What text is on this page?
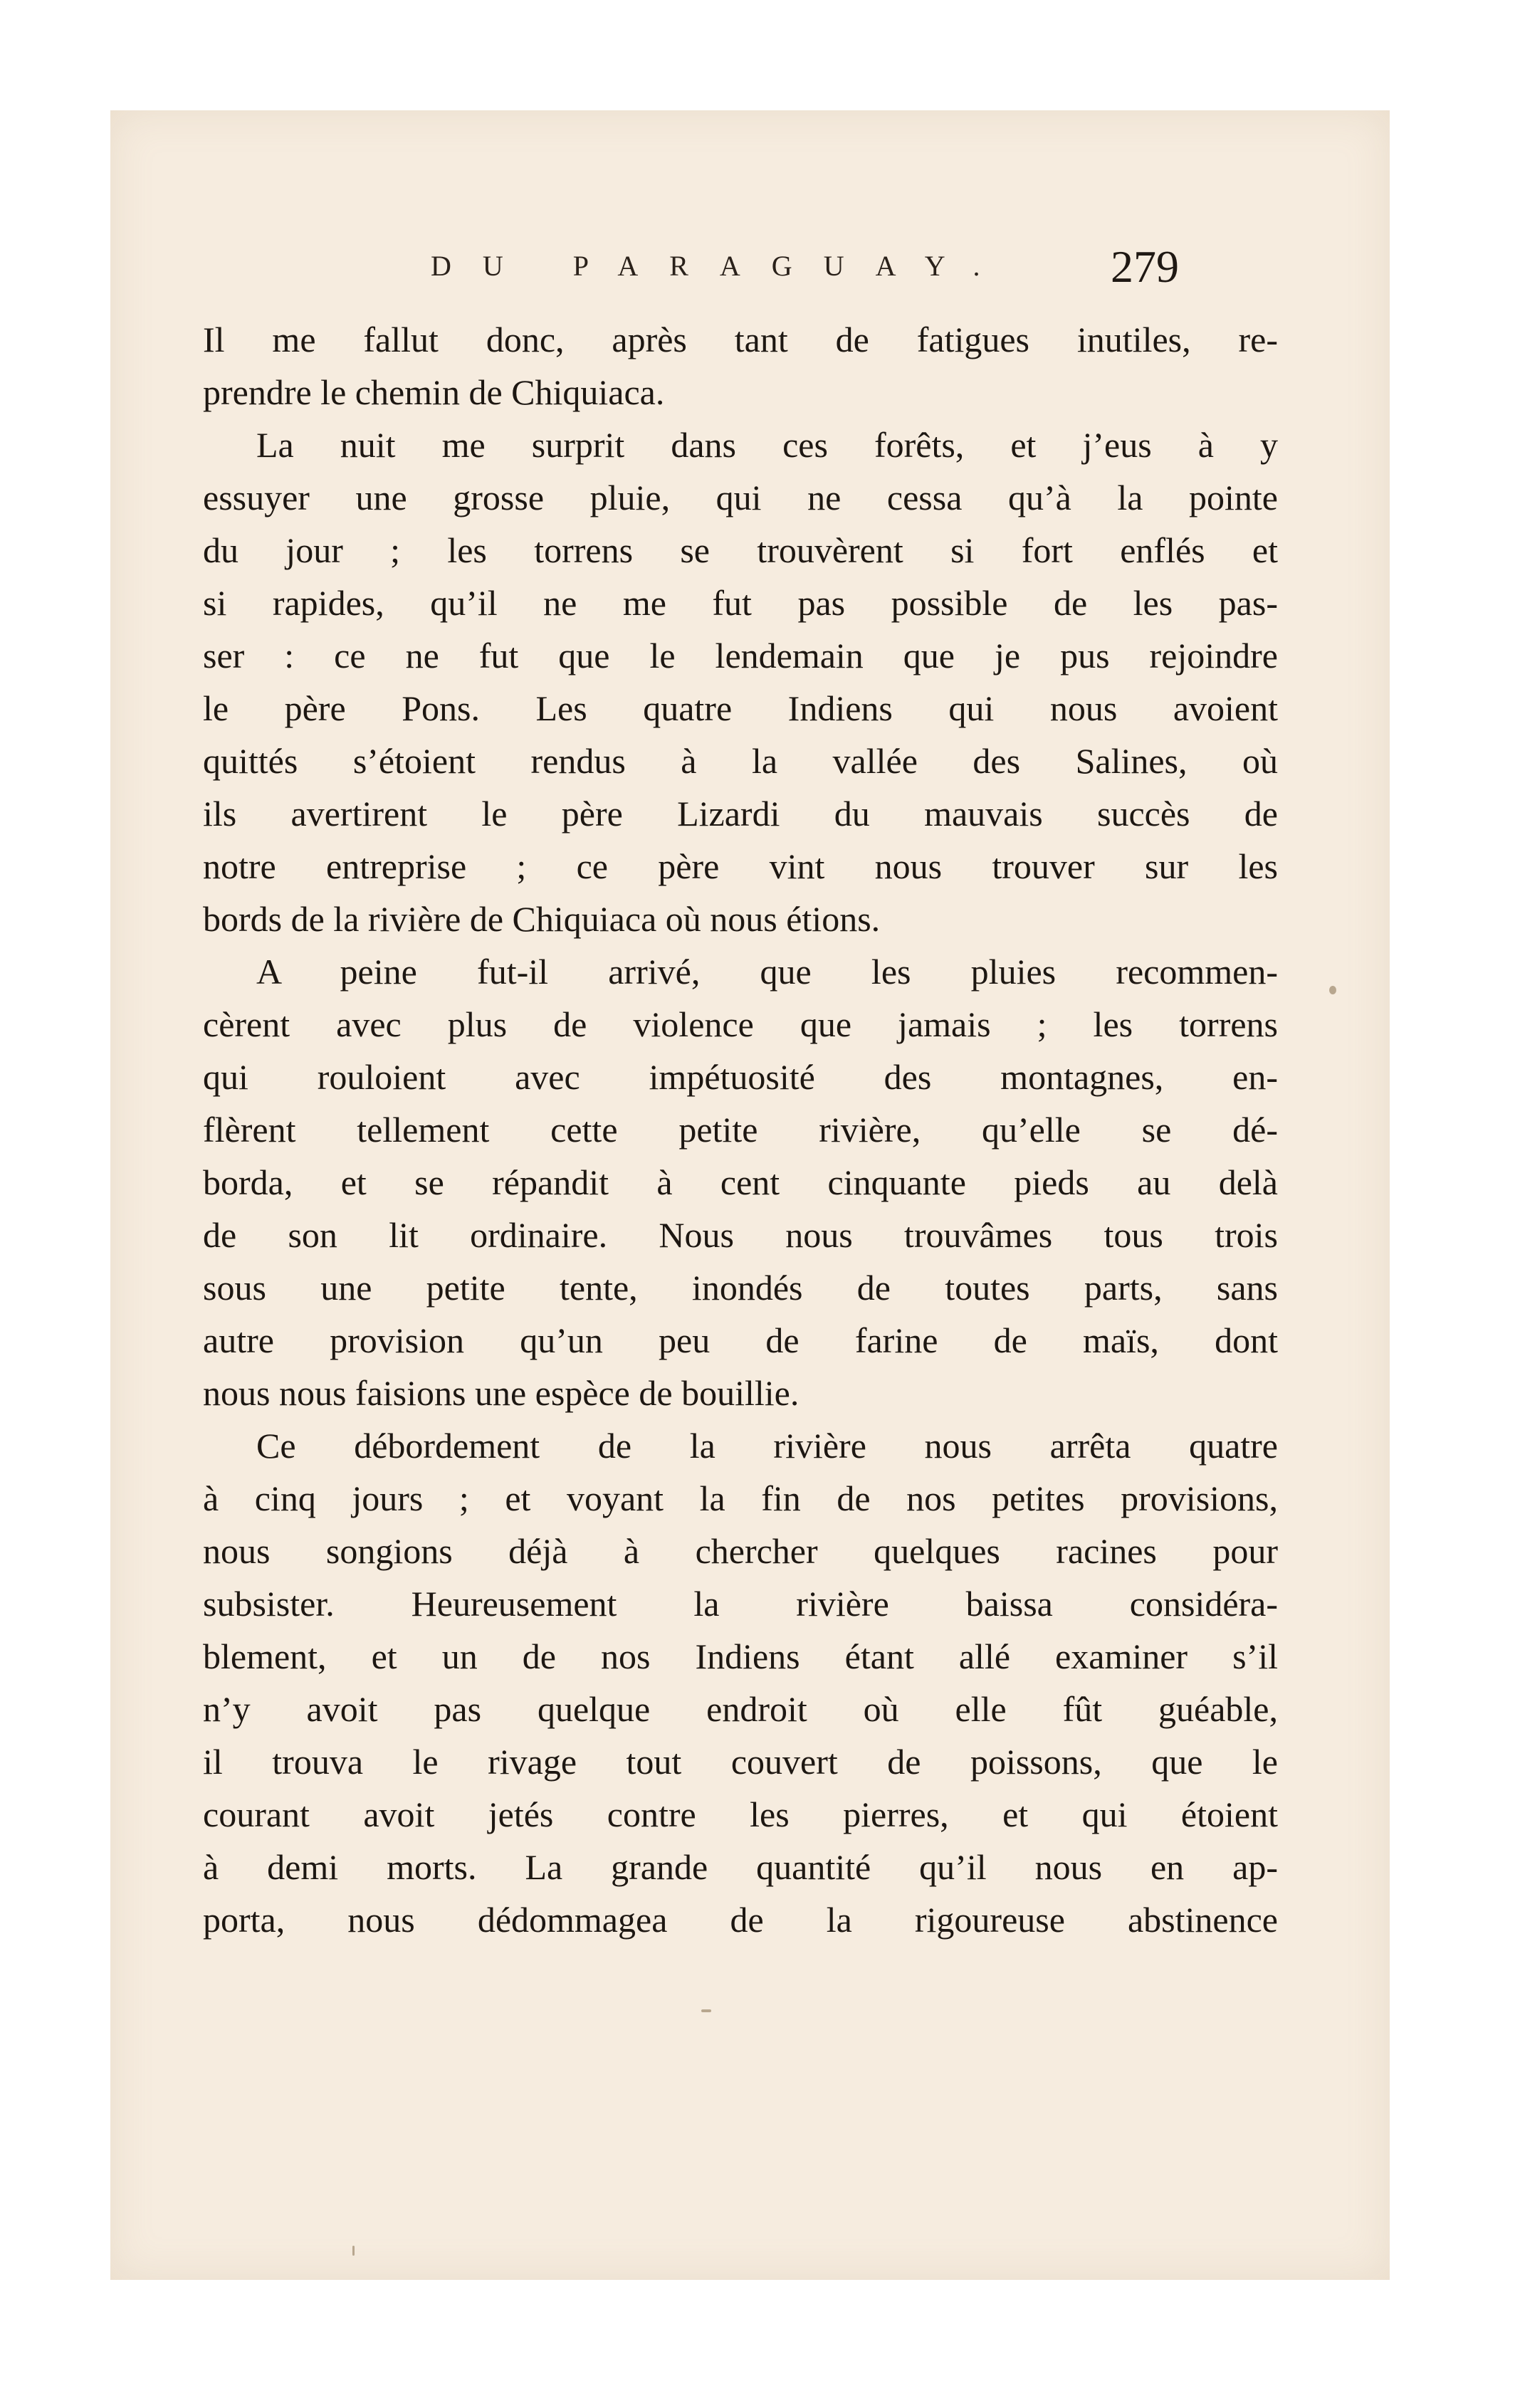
DU PARAGUAY. 279
Il me fallut donc, après tant de fatigues inutiles, re-
prendre le chemin de Chiquiaca.
La nuit me surprit dans ces forêts, et j’eus à y
essuyer une grosse pluie, qui ne cessa qu’à la pointe
du jour ; les torrens se trouvèrent si fort enflés et
si rapides, qu’il ne me fut pas possible de les pas-
ser : ce ne fut que le lendemain que je pus rejoindre
le père Pons. Les quatre Indiens qui nous avoient
quittés s’étoient rendus à la vallée des Salines, où
ils avertirent le père Lizardi du mauvais succès de
notre entreprise ; ce père vint nous trouver sur les
bords de la rivière de Chiquiaca où nous étions.
A peine fut-il arrivé, que les pluies recommen-
cèrent avec plus de violence que jamais ; les torrens
qui rouloient avec impétuosité des montagnes, en-
flèrent tellement cette petite rivière, qu’elle se dé-
borda, et se répandit à cent cinquante pieds au delà
de son lit ordinaire. Nous nous trouvâmes tous trois
sous une petite tente, inondés de toutes parts, sans
autre provision qu’un peu de farine de maïs, dont
nous nous faisions une espèce de bouillie.
Ce débordement de la rivière nous arrêta quatre
à cinq jours ; et voyant la fin de nos petites provisions,
nous songions déjà à chercher quelques racines pour
subsister. Heureusement la rivière baissa considéra-
blement, et un de nos Indiens étant allé examiner s’il
n’y avoit pas quelque endroit où elle fût guéable,
il trouva le rivage tout couvert de poissons, que le
courant avoit jetés contre les pierres, et qui étoient
à demi morts. La grande quantité qu’il nous en ap-
porta, nous dédommagea de la rigoureuse abstinence
